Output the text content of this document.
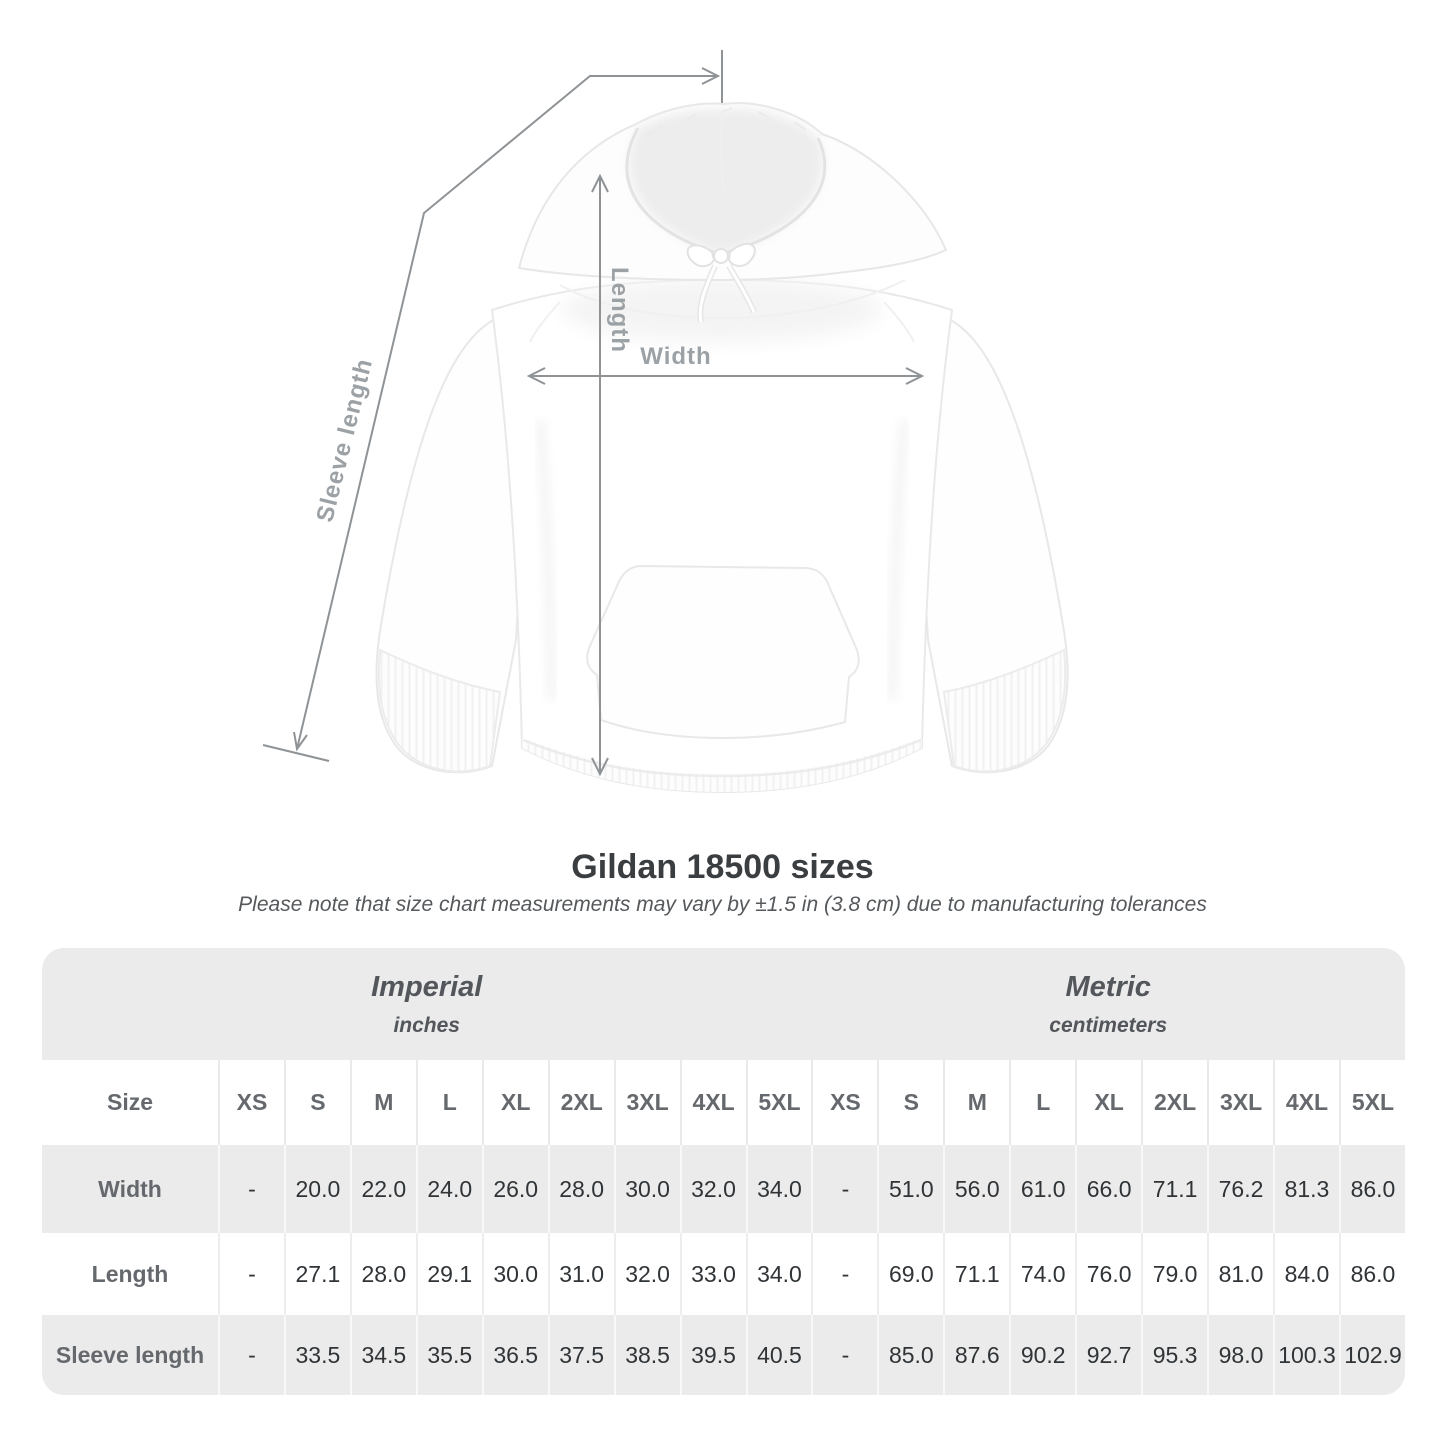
Sleeve length
Length
Width
Gildan 18500 sizes
Please note that size chart measurements may vary by ±1.5 in (3.8 cm) due to manufacturing tolerances
Imperial
inches

Metric
centimeters

Size	XS	S	M	L	XL	2XL	3XL	4XL	5XL	XS	S	M	L	XL	2XL	3XL	4XL	5XL
Width	-	20.0	22.0	24.0	26.0	28.0	30.0	32.0	34.0	-	51.0	56.0	61.0	66.0	71.1	76.2	81.3	86.0
Length	-	27.1	28.0	29.1	30.0	31.0	32.0	33.0	34.0	-	69.0	71.1	74.0	76.0	79.0	81.0	84.0	86.0
Sleeve length	-	33.5	34.5	35.5	36.5	37.5	38.5	39.5	40.5	-	85.0	87.6	90.2	92.7	95.3	98.0	100.3	102.9
